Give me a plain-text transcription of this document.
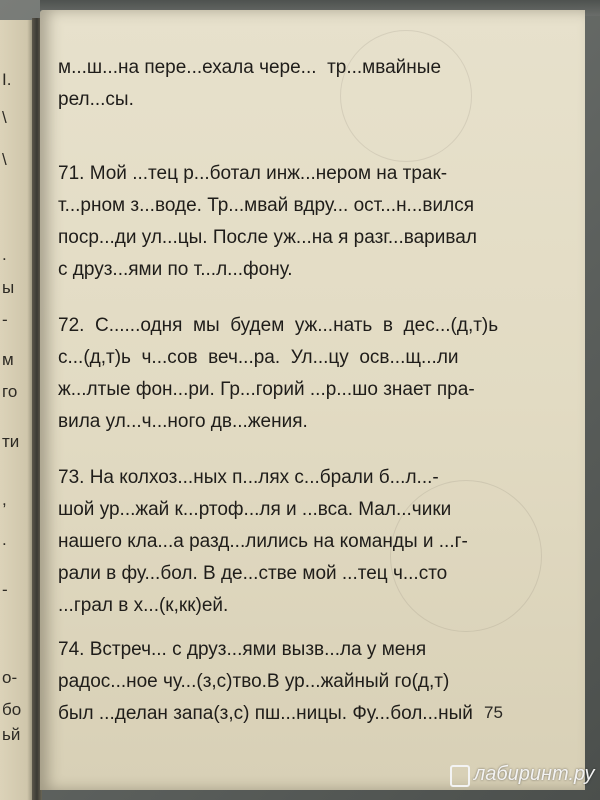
I.
\
\
.
ы
-
м
го
ти
,
.
-
о-
бо
ьй
м...ш...на пере...ехала чере...  тр...мвайные
рел...сы.
71. Мой ...тец р...ботал инж...нером на трак-
т...рном з...воде. Тр...мвай вдру... ост...н...вился
поср...ди ул...цы. После уж...на я разг...варивал
с друз...ями по т...л...фону.
72.  С......одня  мы  будем  уж...нать  в  дес...(д,т)ь
с...(д,т)ь  ч...сов  веч...ра.  Ул...цу  осв...щ...ли
ж...лтые фон...ри. Гр...горий ...р...шо знает пра-
вила ул...ч...ного дв...жения.
73. На колхоз...ных п...лях с...брали б...л...-
шой ур...жай к...ртоф...ля и ...вса. Мал...чики
нашего кла...а разд...лились на команды и ...г-
рали в фу...бол. В де...стве мой ...тец ч...сто
...грал в х...(к,кк)ей.
74. Встреч... с друз...ями вызв...ла у меня
радос...ное чу...(з,с)тво.В ур...жайный го(д,т)
был ...делан запа(з,с) пш...ницы. Фу...бол...ный 75
лабиринт.ру
